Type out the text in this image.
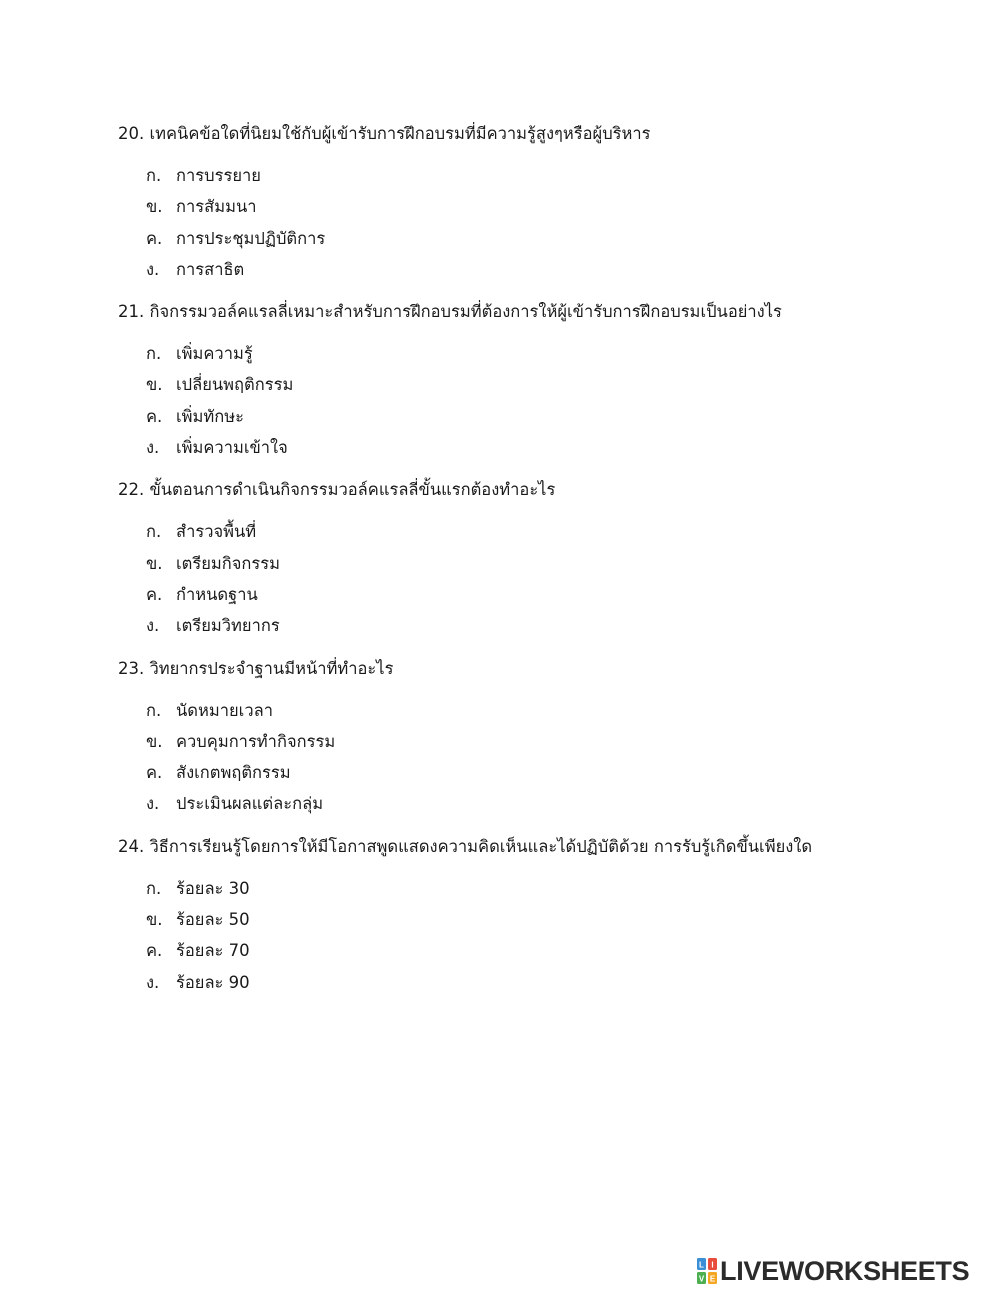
20. เทคนิคข้อใดที่นิยมใช้กับผู้เข้ารับการฝึกอบรมที่มีความรู้สูงๆหรือผู้บริหาร
ก. การบรรยาย
ข. การสัมมนา
ค. การประชุมปฏิบัติการ
ง.	การสาธิต
21. กิจกรรมวอล์คแรลลี่เหมาะสำหรับการฝึกอบรมที่ต้องการให้ผู้เข้ารับการฝึกอบรมเป็นอย่างไร
ก. เพิ่มความรู้
ข. เปลี่ยนพฤติกรรม
ค. เพิ่มทักษะ
ง.	เพิ่มความเข้าใจ
22. ขั้นตอนการดำเนินกิจกรรมวอล์คแรลลี่ขั้นแรกต้องทำอะไร
ก. สำรวจพื้นที่
ข. เตรียมกิจกรรม
ค. กำหนดฐาน
ง.	เตรียมวิทยากร
23. วิทยากรประจำฐานมีหน้าที่ทำอะไร
ก. นัดหมายเวลา
ข. ควบคุมการทำกิจกรรม
ค. สังเกตพฤติกรรม
ง.	ประเมินผลแต่ละกลุ่ม
24. วิธีการเรียนรู้โดยการให้มีโอกาสพูดแสดงความคิดเห็นและได้ปฏิบัติด้วย การรับรู้เกิดขึ้นเพียงใด
ก. ร้อยละ 30
ข. ร้อยละ 50
ค. ร้อยละ 70
ง.	ร้อยละ 90
L I
V E LIVEWORKSHEETS
